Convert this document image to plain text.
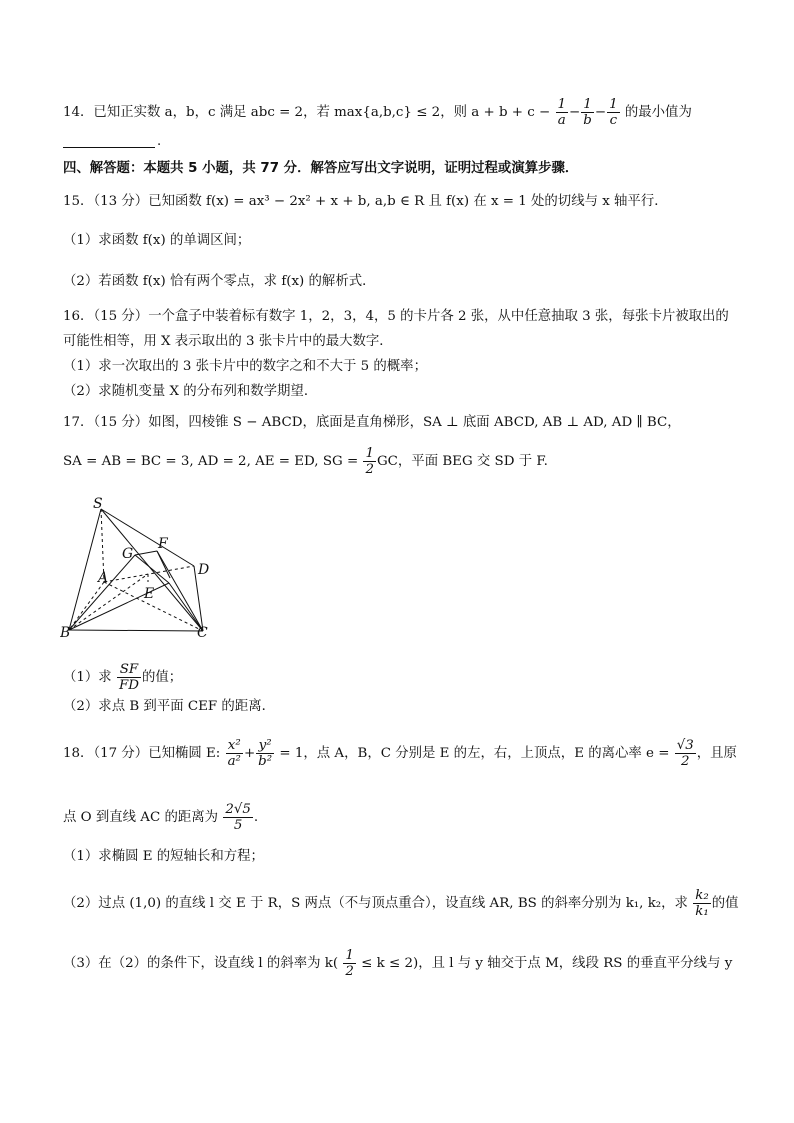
14．已知正实数 a，b，c 满足 abc = 2，若 max{a,b,c} ≤ 2，则 $a + b + c - \frac{1}{a} - \frac{1}{b} - \frac{1}{c}$ 的最小值为
.
四、解答题：本题共 5 小题，共 77 分．解答应写出文字说明，证明过程或演算步骤．
15．（13 分）已知函数 f(x) = ax³ − 2x² + x + b, a,b ∈ R 且 f(x) 在 x = 1 处的切线与 x 轴平行．
（1）求函数 f(x) 的单调区间；
（2）若函数 f(x) 恰有两个零点，求 f(x) 的解析式．
16．（15 分）一个盒子中装着标有数字 1，2，3，4，5 的卡片各 2 张，从中任意抽取 3 张，每张卡片被取出的
可能性相等，用 X 表示取出的 3 张卡片中的最大数字．
（1）求一次取出的 3 张卡片中的数字之和不大于 5 的概率；
（2）求随机变量 X 的分布列和数学期望．
17．（15 分）如图，四棱锥 S − ABCD，底面是直角梯形，SA ⊥ 底面 ABCD, AB ⊥ AD, AD ∥ BC，
SA = AB = BC = 3, AD = 2, AE = ED, SG = $\frac{1}{2}$ GC，平面 BEG 交 SD 于 F.
S
G
F
A	D
E
B	C
（1）求 $\frac{SF}{FD}$ 的值；
（2）求点 B 到平面 CEF 的距离．
18．（17 分）已知椭圆 E: $\frac{\text{x²}}{\text{a²}} + \frac{\text{y²}}{\text{b²}} = 1$，点 A，B，C 分别是 E 的左，右，上顶点，E 的离心率 $e = \frac{√3}{2}$ ，且原
点 O 到直线 AC 的距离为 $\frac{2√5}{5}$ .
（1）求椭圆 E 的短轴长和方程；
（2）过点 (1,0) 的直线 l 交 E 于 R，S 两点（不与顶点重合），设直线 AR, BS 的斜率分别为 k₁, k₂，求 $\frac{\text{k₂}}{\text{k₁}}$ 的值
（3）在（2）的条件下，设直线 l 的斜率为 $k( \frac{1}{2} \le k \le 2)$，且 l 与 y 轴交于点 M，线段 RS 的垂直平分线与 y
